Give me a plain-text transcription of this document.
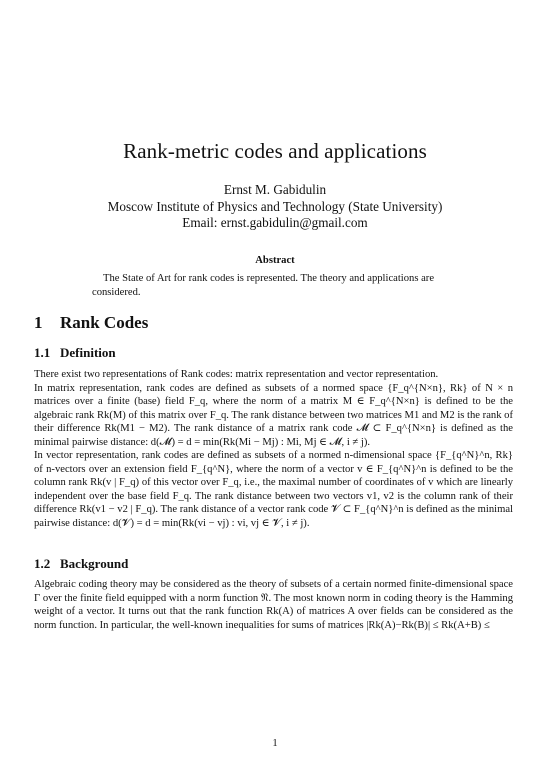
Rank-metric codes and applications
Ernst M. Gabidulin
Moscow Institute of Physics and Technology (State University)
Email: ernst.gabidulin@gmail.com
Abstract
The State of Art for rank codes is represented. The theory and applications are considered.
1 Rank Codes
1.1 Definition

There exist two representations of Rank codes: matrix representation and vector representation.

In matrix representation, rank codes are defined as subsets of a normed space {F_q^{N×n}, Rk} of N × n matrices over a finite (base) field F_q, where the norm of a matrix M ∈ F_q^{N×n} is defined to be the algebraic rank Rk(M) of this matrix over F_q. The rank distance between two matrices M1 and M2 is the rank of their difference Rk(M1 − M2). The rank distance of a matrix rank code 𝓜 ⊂ F_q^{N×n} is defined as the minimal pairwise distance: d(𝓜) = d = min(Rk(Mi − Mj) : Mi, Mj ∈ 𝓜, i ≠ j).

In vector representation, rank codes are defined as subsets of a normed n-dimensional space {F_{q^N}^n, Rk} of n-vectors over an extension field F_{q^N}, where the norm of a vector v ∈ F_{q^N}^n is defined to be the column rank Rk(v | F_q) of this vector over F_q, i.e., the maximal number of coordinates of v which are linearly independent over the base field F_q. The rank distance between two vectors v1, v2 is the column rank of their difference Rk(v1 − v2 | F_q). The rank distance of a vector rank code 𝓥 ⊂ F_{q^N}^n is defined as the minimal pairwise distance: d(𝓥) = d = min(Rk(vi − vj) : vi, vj ∈ 𝓥, i ≠ j).

1.2 Background

Algebraic coding theory may be considered as the theory of subsets of a certain normed finite-dimensional space Γ over the finite field equipped with a norm function 𝔑. The most known norm in coding theory is the Hamming weight of a vector. It turns out that the rank function Rk(A) of matrices A over fields can be considered as the norm function. In particular, the well-known inequalities for sums of matrices |Rk(A)−Rk(B)| ≤ Rk(A+B) ≤

1
